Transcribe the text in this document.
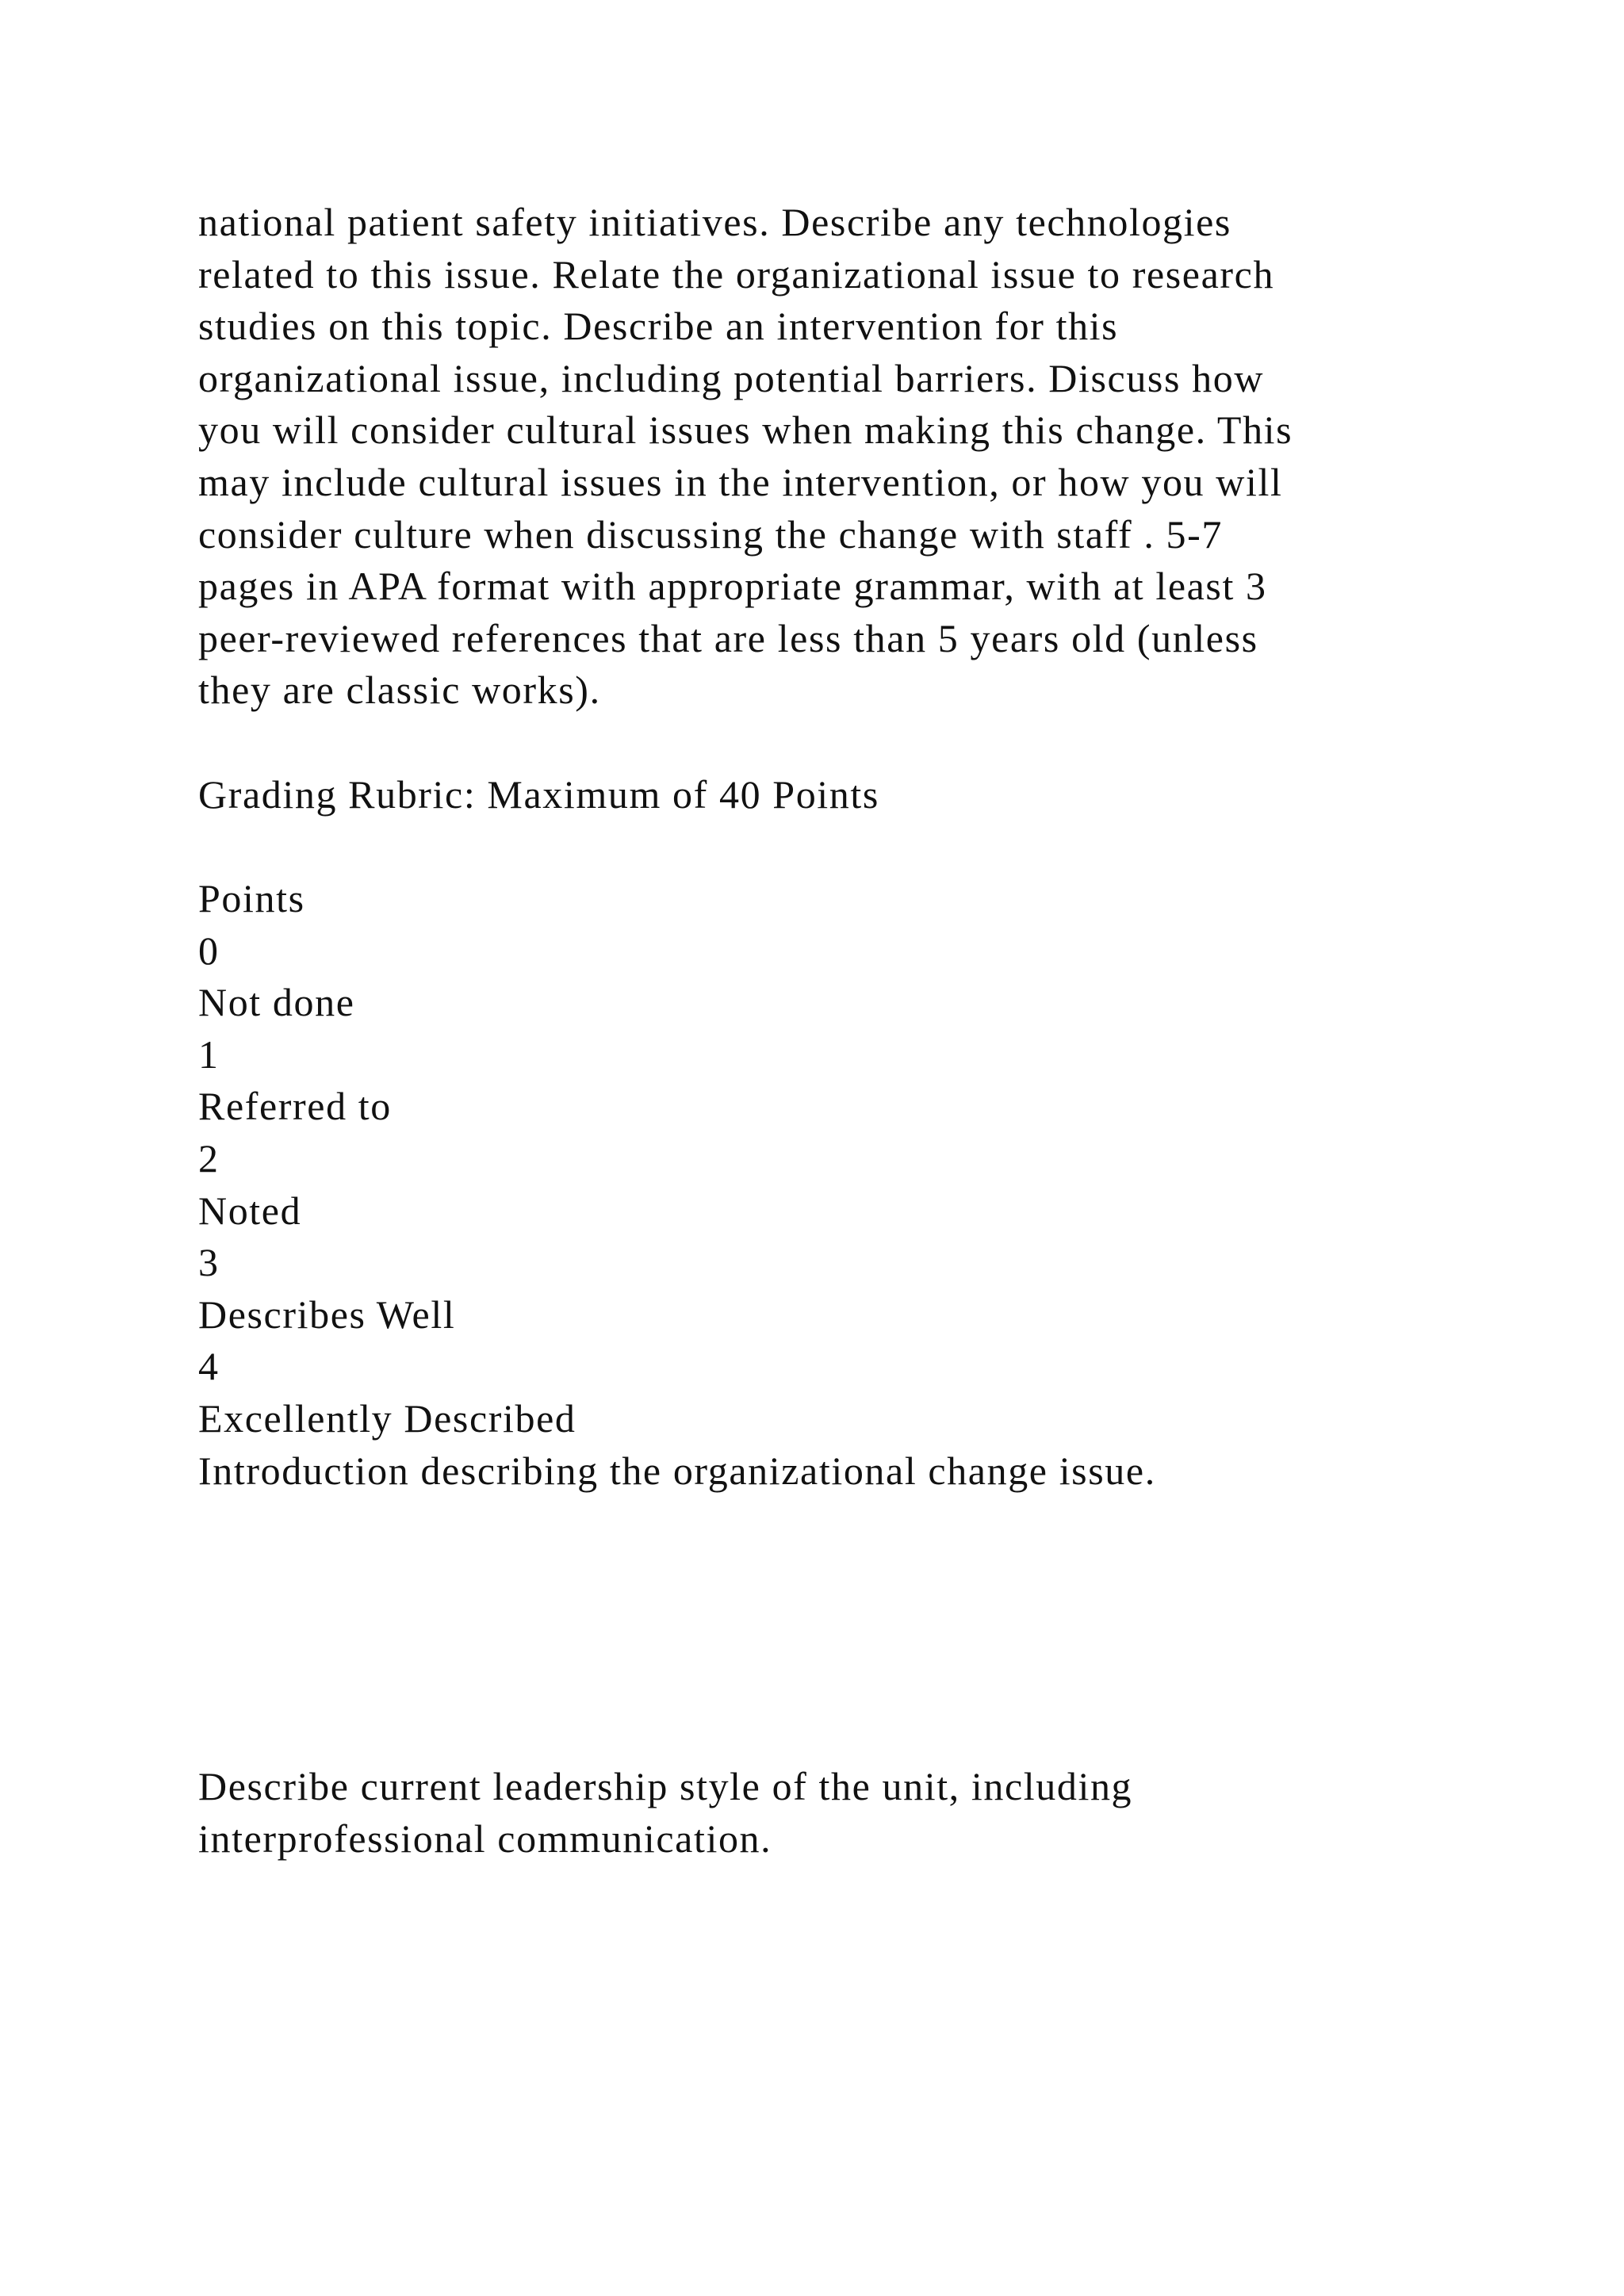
national patient safety initiatives. Describe any technologies
related to this issue. Relate the organizational issue to research
studies on this topic. Describe an intervention for this
organizational issue, including potential barriers. Discuss how
you will consider cultural issues when making this change. This
may include cultural issues in the intervention, or how you will
consider culture when discussing the change with staff . 5-7
pages in APA format with appropriate grammar, with at least 3
peer-reviewed references that are less than 5 years old (unless
they are classic works).
Grading Rubric: Maximum of 40 Points
Points
0
Not done
1
Referred to
2
Noted
3
Describes Well
4
Excellently Described
Introduction describing the organizational change issue.
Describe current leadership style of the unit, including
interprofessional communication.
